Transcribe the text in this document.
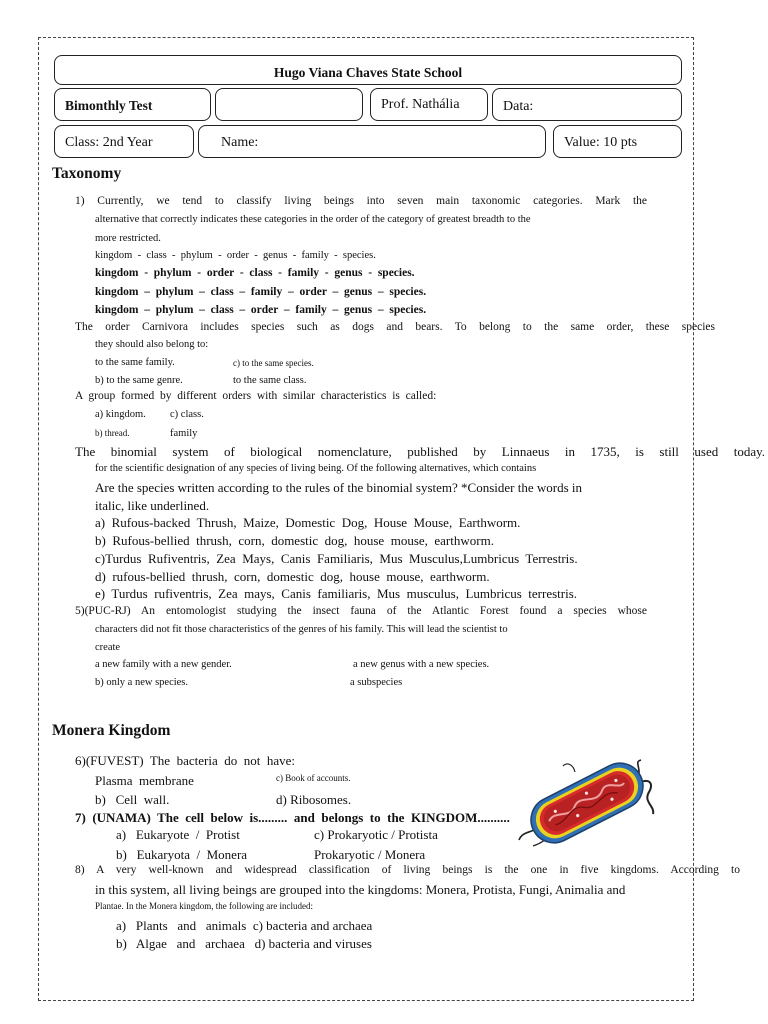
Hugo Viana Chaves State School
Bimonthly Test	Prof. Nathália	Data:
Class: 2nd Year	Name:	Value: 10 pts
Taxonomy
1) Currently, we tend to classify living beings into seven main taxonomic categories. Mark the
alternative that correctly indicates these categories in the order of the category of greatest breadth to the
more restricted.
kingdom  -  class  -  phylum  -  order  -  genus  -  family  -  species.
kingdom  -  phylum  -  order  -  class  -  family  -  genus  -  species.
kingdom  –  phylum  –  class  –  family  –  order  –  genus  –  species.
kingdom  –  phylum  –  class  –  order  –  family  –  genus  –  species.
The order Carnivora includes species such as dogs and bears. To belong to the same order, these species
they should also belong to:
to the same family.	c) to the same species.
b) to the same genre.	to the same class.
A  group  formed  by  different  orders  with  similar  characteristics  is  called:
a) kingdom. c) class.
b) thread.	family
The binomial system of biological nomenclature, published by Linnaeus in 1735, is still used today.
for the scientific designation of any species of living being. Of the following alternatives, which contains
Are the species written according to the rules of the binomial system? *Consider the words in
italic, like underlined.
a)  Rufous-backed  Thrush,  Maize,  Domestic  Dog,  House  Mouse,  Earthworm.
b)  Rufous-bellied  thrush,  corn,  domestic  dog,  house  mouse,  earthworm.
c)Turdus  Rufiventris,  Zea  Mays,  Canis  Familiaris,  Mus  Musculus,Lumbricus  Terrestris.
d)  rufous-bellied  thrush,  corn,  domestic  dog,  house  mouse,  earthworm.
e)  Turdus  rufiventris,  Zea  mays,  Canis  familiaris,  Mus  musculus,  Lumbricus  terrestris.
5)(PUC-RJ) An entomologist studying the insect fauna of the Atlantic Forest found a species whose
characters did not fit those characteristics of the genres of his family. This will lead the scientist to
create
a new family with a new gender.	a new genus with a new species.
b) only a new species.	a subspecies
Monera Kingdom
6)(FUVEST)  The  bacteria  do  not  have:
Plasma  membrane	c) Book of accounts.
b)   Cell  wall.	d) Ribosomes.
7)  (UNAMA)  The  cell  below  is.........  and  belongs  to  the  KINGDOM..........
a)   Eukaryote  /  Protist	c) Prokaryotic / Protista
b)   Eukaryota  /  Monera	Prokaryotic / Monera
8) A very well-known and widespread classification of living beings is the one in five kingdoms. According to
in this system, all living beings are grouped into the kingdoms: Monera, Protista, Fungi, Animalia and
Plantae. In the Monera kingdom, the following are included:
a)   Plants   and   animals  c) bacteria and archaea
b)   Algae   and   archaea   d) bacteria and viruses
